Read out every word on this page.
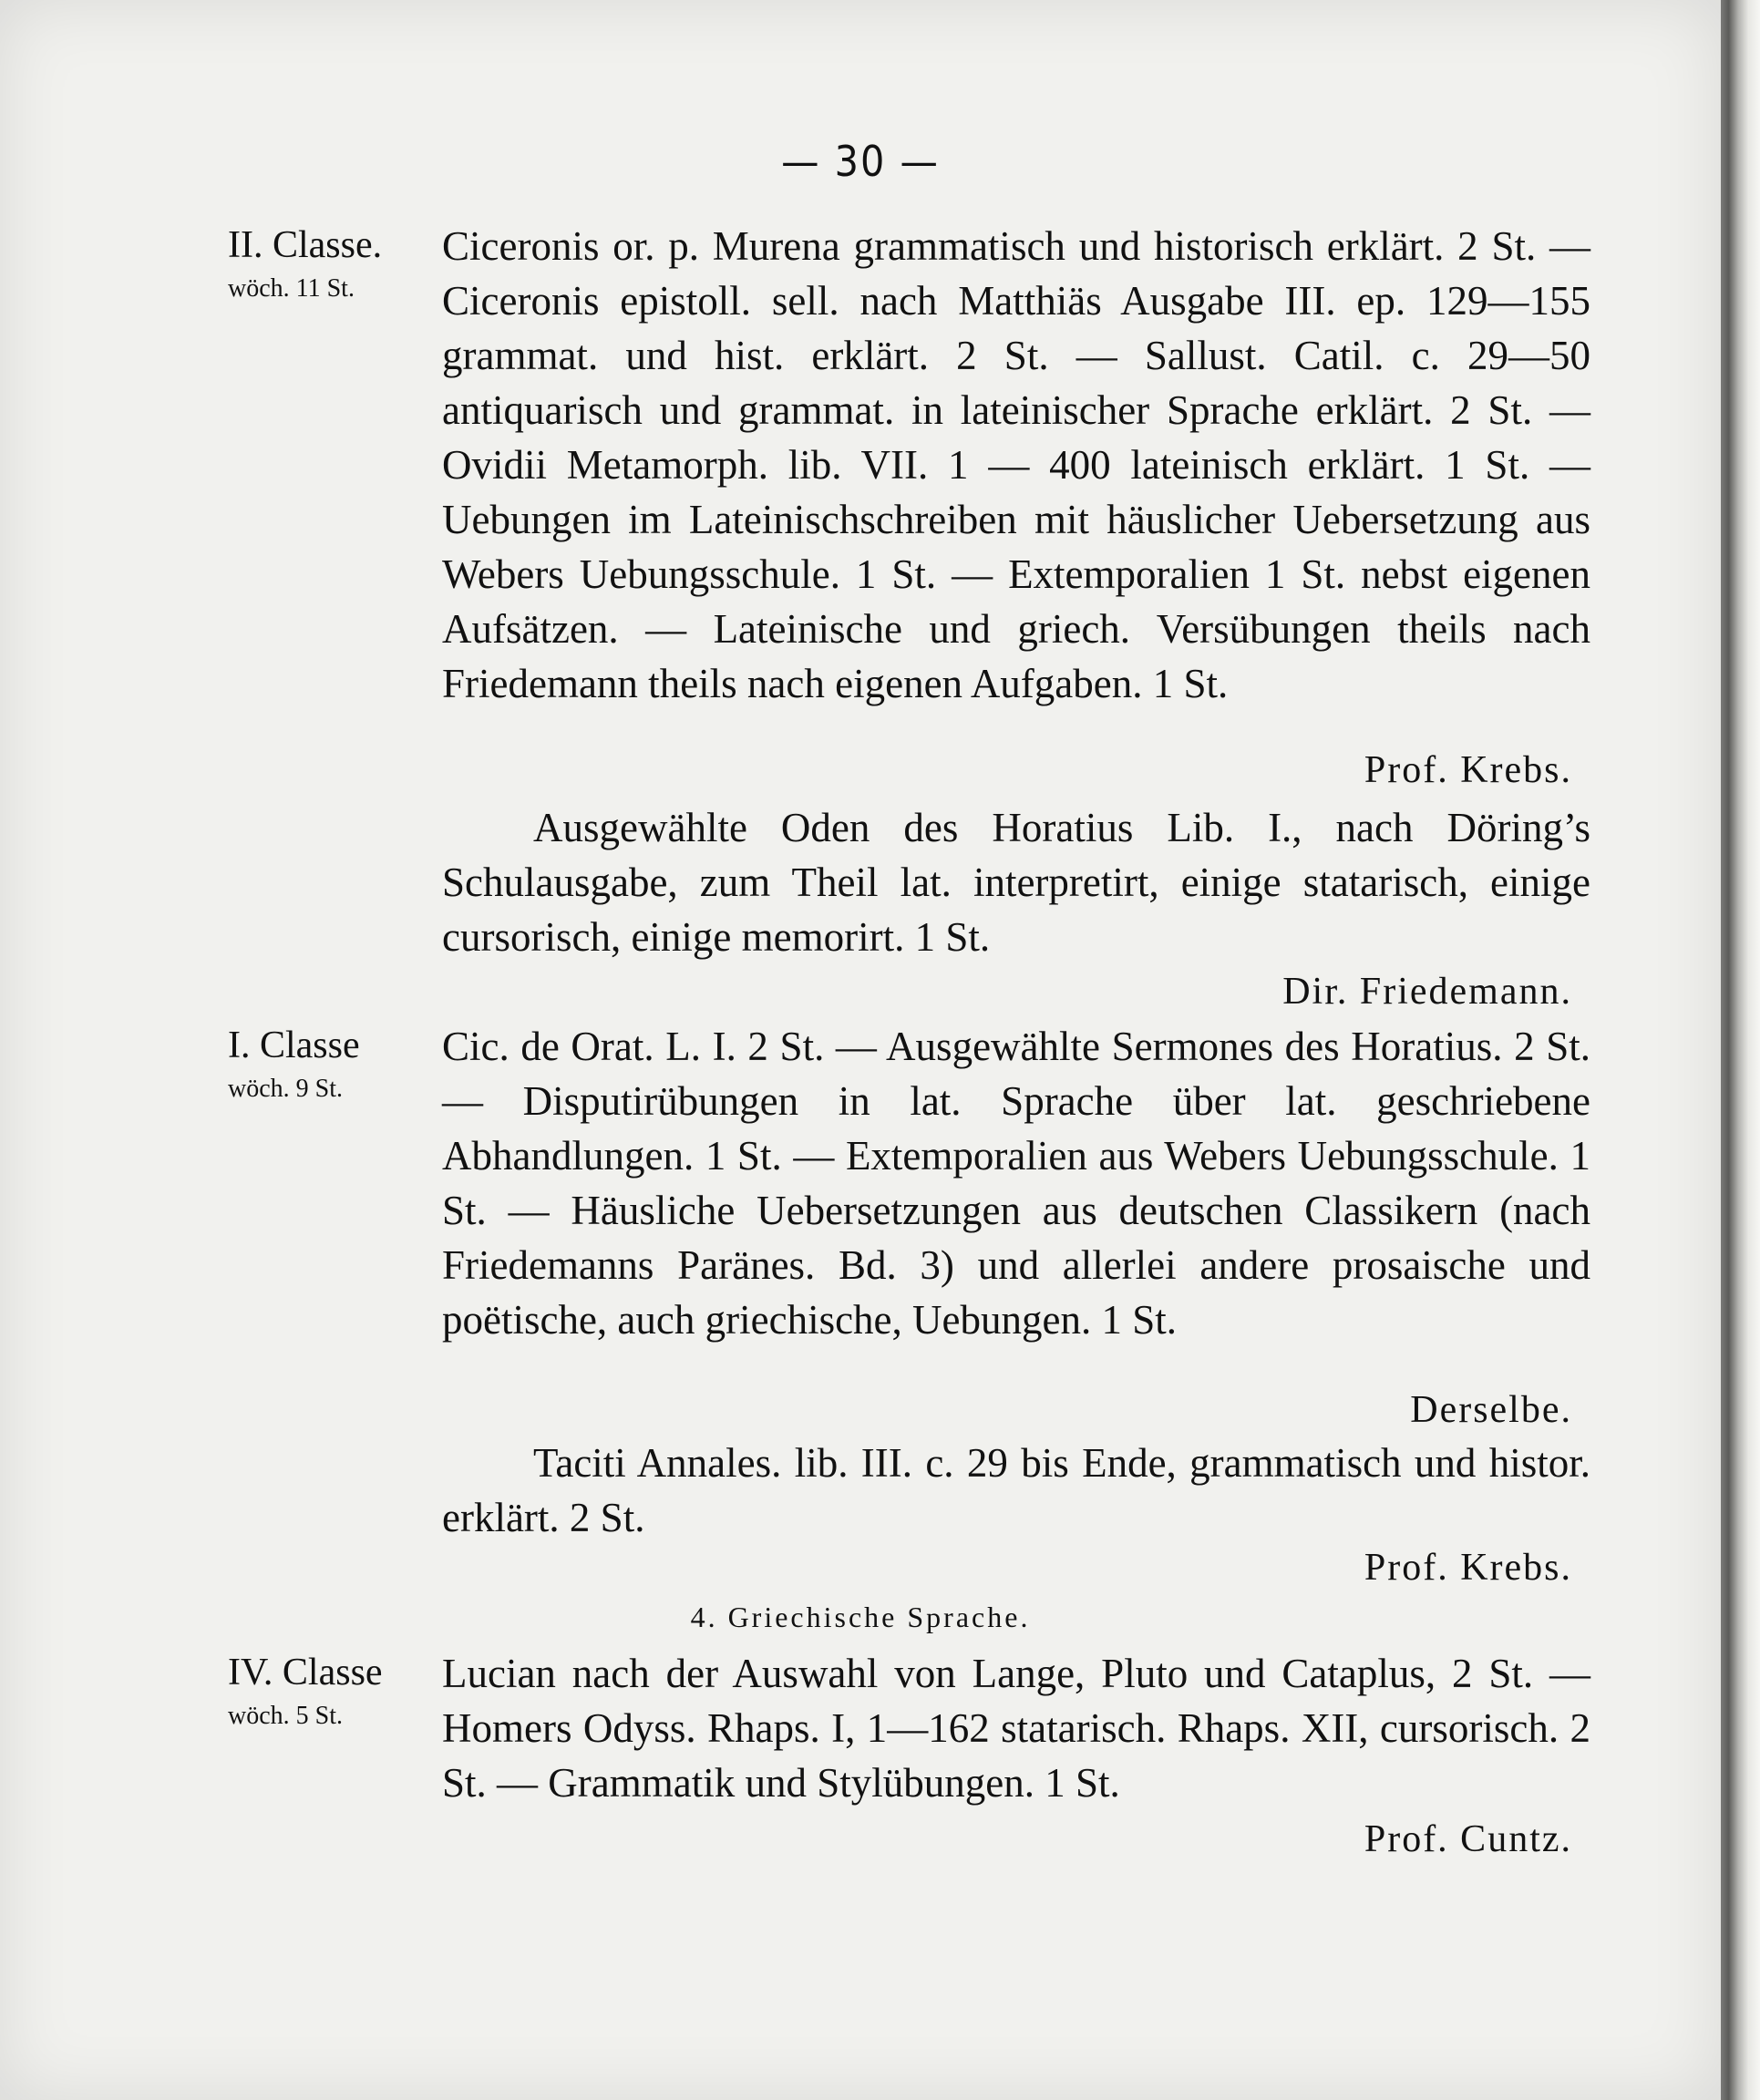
— 30 —
II. Classe.
wöch. 11 St.
Ciceronis or. p. Murena grammatisch und historisch erklärt. 2 St. — Ciceronis epistoll. sell. nach Matthiäs Ausgabe III. ep. 129—155 grammat. und hist. erklärt. 2 St. — Sallust. Catil. c. 29—50 antiquarisch und grammat. in lateinischer Sprache erklärt. 2 St. — Ovidii Metamorph. lib. VII. 1 — 400 lateinisch erklärt. 1 St. — Uebungen im Lateinischschreiben mit häuslicher Uebersetzung aus Webers Uebungsschule. 1 St. — Extemporalien 1 St. nebst eigenen Aufsätzen. — Lateinische und griech. Versübungen theils nach Friedemann theils nach eigenen Aufgaben. 1 St.
Prof. Krebs.
Ausgewählte Oden des Horatius Lib. I., nach Döring’s Schulausgabe, zum Theil lat. interpretirt, einige statarisch, einige cursorisch, einige memorirt. 1 St.
Dir. Friedemann.
I. Classe
wöch. 9 St.
Cic. de Orat. L. I. 2 St. — Ausgewählte Sermones des Horatius. 2 St. — Disputirübungen in lat. Sprache über lat. geschriebene Abhandlungen. 1 St. — Extemporalien aus Webers Uebungsschule. 1 St. — Häusliche Uebersetzungen aus deutschen Classikern (nach Friedemanns Paränes. Bd. 3) und allerlei andere prosaische und poëtische, auch griechische, Uebungen. 1 St.
Derselbe.
Taciti Annales. lib. III. c. 29 bis Ende, grammatisch und histor. erklärt. 2 St.
Prof. Krebs.
4. Griechische Sprache.
IV. Classe
wöch. 5 St.
Lucian nach der Auswahl von Lange, Pluto und Cataplus, 2 St. — Homers Odyss. Rhaps. I, 1—162 statarisch. Rhaps. XII, cursorisch. 2 St. — Grammatik und Stylübungen. 1 St.
Prof. Cuntz.
